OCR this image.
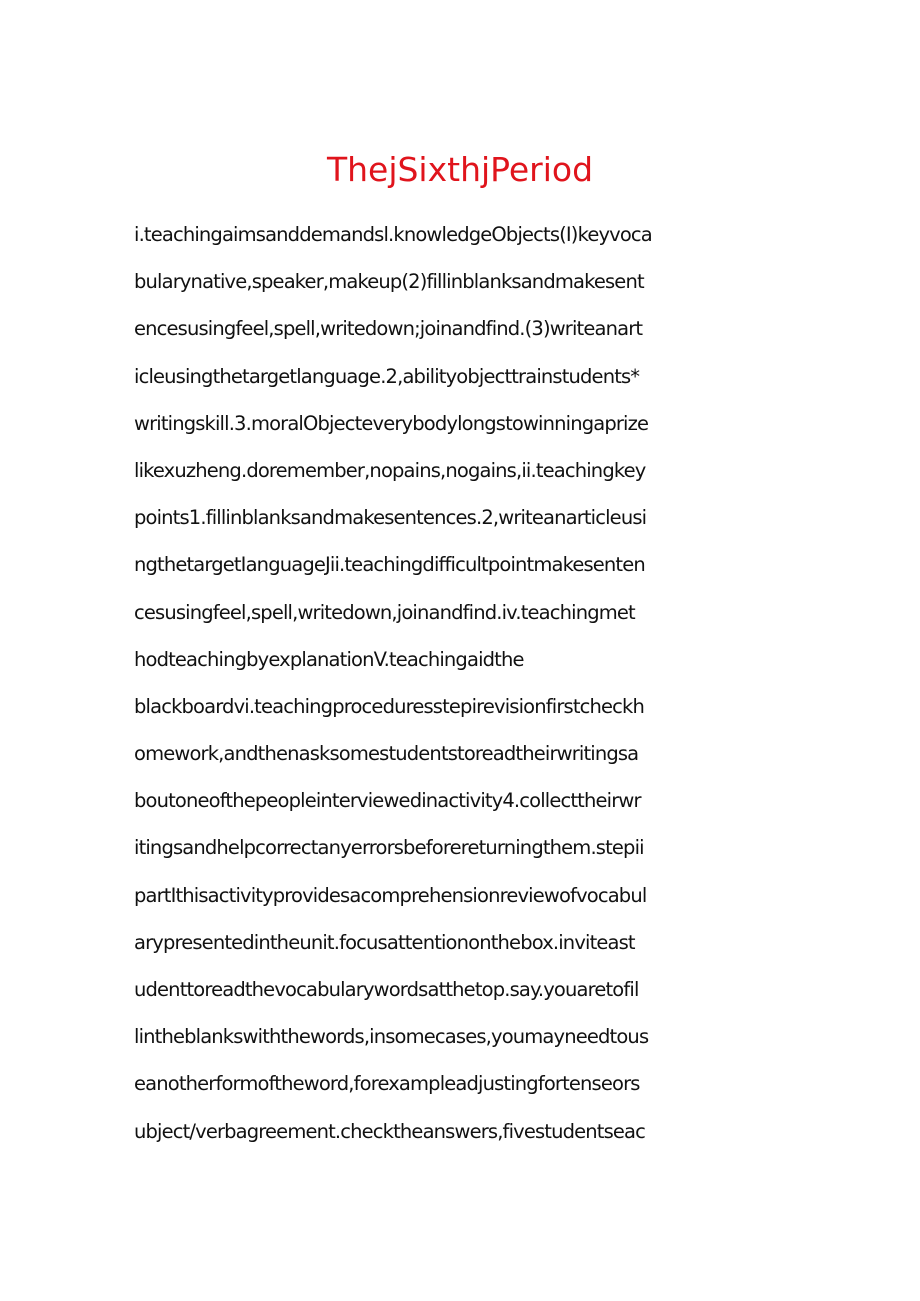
ThejSixthjPeriod
i.teachingaimsanddemandsl.knowledgeObjects(I)keyvoca
bularynative,speaker,makeup(2)fillinblanksandmakesent
encesusingfeel,spell,writedown;joinandfind.(3)writeanart
icleusingthetargetlanguage.2,abilityobjecttrainstudents*
writingskill.3.moralObjecteverybodylongstowinningaprize
likexuzheng.doremember,nopains,nogains,ii.teachingkey
points1.fillinblanksandmakesentences.2,writeanarticleusi
ngthetargetIanguageJii.teachingdifficultpointmakesenten
cesusingfeel,spell,writedown,joinandfind.iv.teachingmet
hodteachingbyexplanationV.teachingaidthe
blackboardvi.teachingproceduresstepirevisionfirstcheckh
omework,andthenasksomestudentstoreadtheirwritingsa
boutoneofthepeopleinterviewedinactivity4.collecttheirwr
itingsandhelpcorrectanyerrorsbeforereturningthem.stepii
partIthisactivityprovidesacomprehensionreviewofvocabul
arypresentedintheunit.focusattentiononthebox.inviteast
udenttoreadthevocabularywordsatthetop.say.youaretofil
lintheblankswiththewords,insomecases,youmayneedtous
eanotherformoftheword,forexampleadjustingfortenseors
ubject/verbagreement.checktheanswers,fivestudentseac
